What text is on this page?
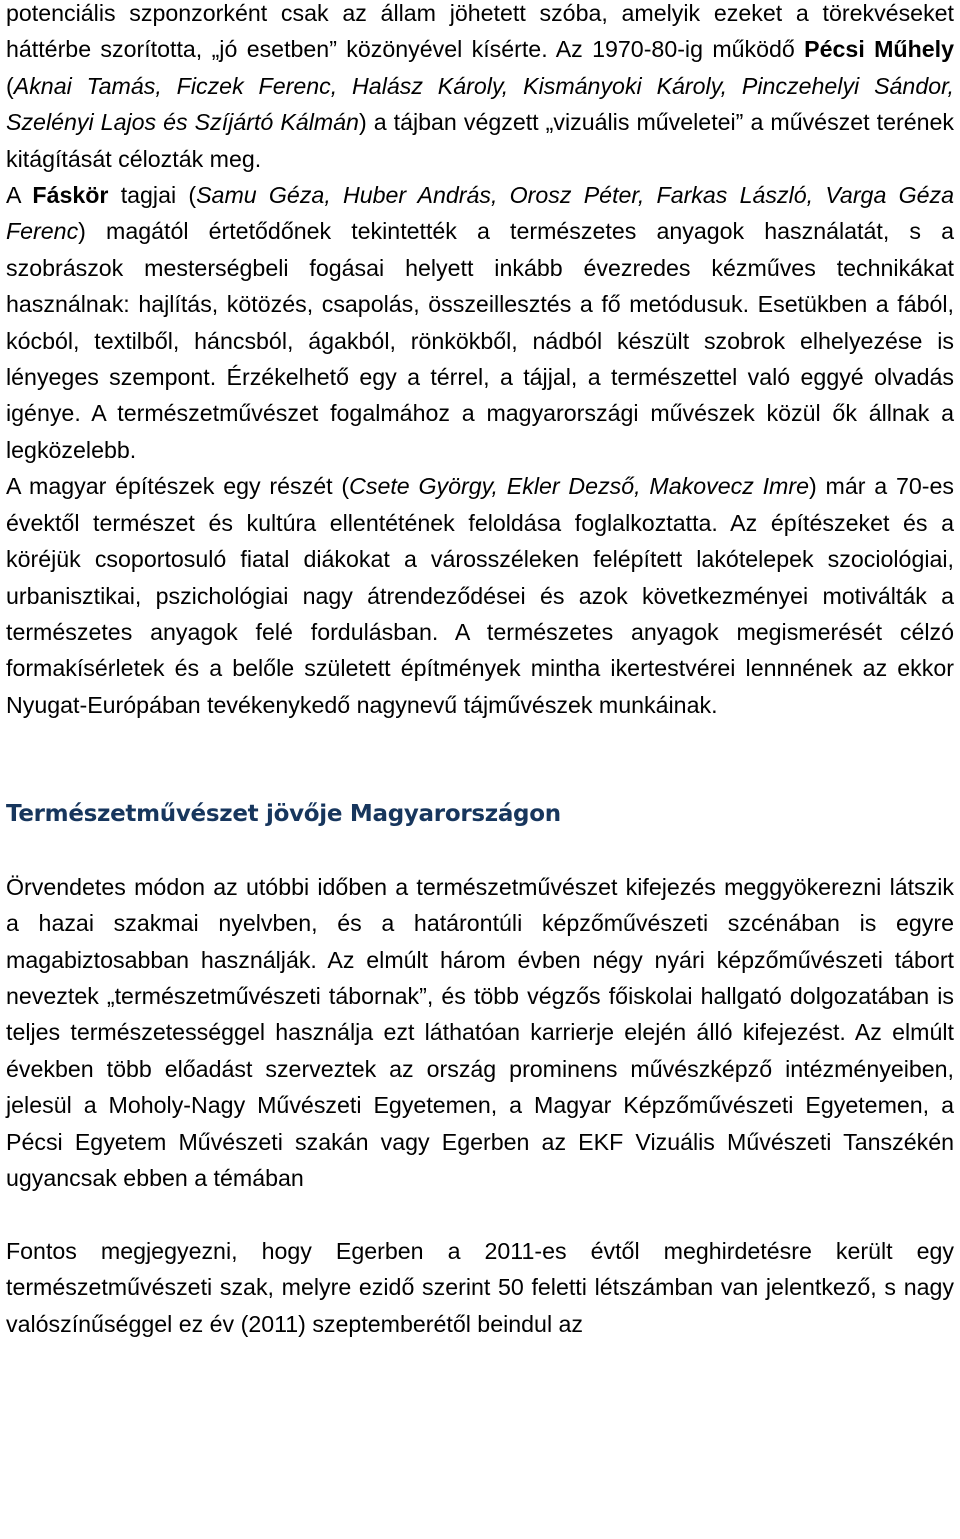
potenciális szponzorként csak az állam jöhetett szóba, amelyik ezeket a törekvéseket háttérbe szorította, „jó esetben” közönyével kísérte. Az 1970-80-ig működő Pécsi Műhely (Aknai Tamás, Ficzek Ferenc, Halász Károly, Kismányoki Károly, Pinczehelyi Sándor, Szelényi Lajos és Szíjártó Kálmán) a tájban végzett „vizuális műveletei” a művészet terének kitágítását célozták meg.

A Fáskör tagjai (Samu Géza, Huber András, Orosz Péter, Farkas László, Varga Géza Ferenc) magától értetődőnek tekintették a természetes anyagok használatát, s a szobrászok mesterségbeli fogásai helyett inkább évezredes kézműves technikákat használnak: hajlítás, kötözés, csapolás, összeillesztés a fő metódusuk. Esetükben a fából, kócból, textilből, háncsból, ágakból, rönkökből, nádból készült szobrok elhelyezése is lényeges szempont. Érzékelhető egy a térrel, a tájjal, a természettel való eggyé olvadás igénye. A természetművészet fogalmához a magyarországi művészek közül ők állnak a legközelebb.

A magyar építészek egy részét (Csete György, Ekler Dezső, Makovecz Imre) már a 70-es évektől természet és kultúra ellentétének feloldása foglalkoztatta. Az építészeket és a köréjük csoportosuló fiatal diákokat a városszéleken felépített lakótelepek szociológiai, urbanisztikai, pszichológiai nagy átrendeződései és azok következményei motiválták a természetes anyagok felé fordulásban. A természetes anyagok megismerését célzó formakísérletek és a belőle született építmények mintha ikertestvérei lennnének az ekkor Nyugat-Európában tevékenykedő nagynevű tájművészek munkáinak.

Természetművészet jövője Magyarországon

Örvendetes módon az utóbbi időben a természetművészet kifejezés meggyökerezni látszik a hazai szakmai nyelvben, és a határontúli képzőművészeti szcénában is egyre magabiztosabban használják. Az elmúlt három évben négy nyári képzőművészeti tábort neveztek „természetművészeti tábornak”, és több végzős főiskolai hallgató dolgozatában is teljes természetességgel használja ezt láthatóan karrierje elején álló kifejezést. Az elmúlt években több előadást szerveztek az ország prominens művészképző intézményeiben, jelesül a Moholy-Nagy Művészeti Egyetemen, a Magyar Képzőművészeti Egyetemen, a Pécsi Egyetem Művészeti szakán vagy Egerben az EKF Vizuális Művészeti Tanszékén ugyancsak ebben a témában

Fontos megjegyezni, hogy Egerben a 2011-es évtől meghirdetésre került egy természetművészeti szak, melyre ezidő szerint 50 feletti létszámban van jelentkező, s nagy valószínűséggel ez év (2011) szeptemberétől beindul az
